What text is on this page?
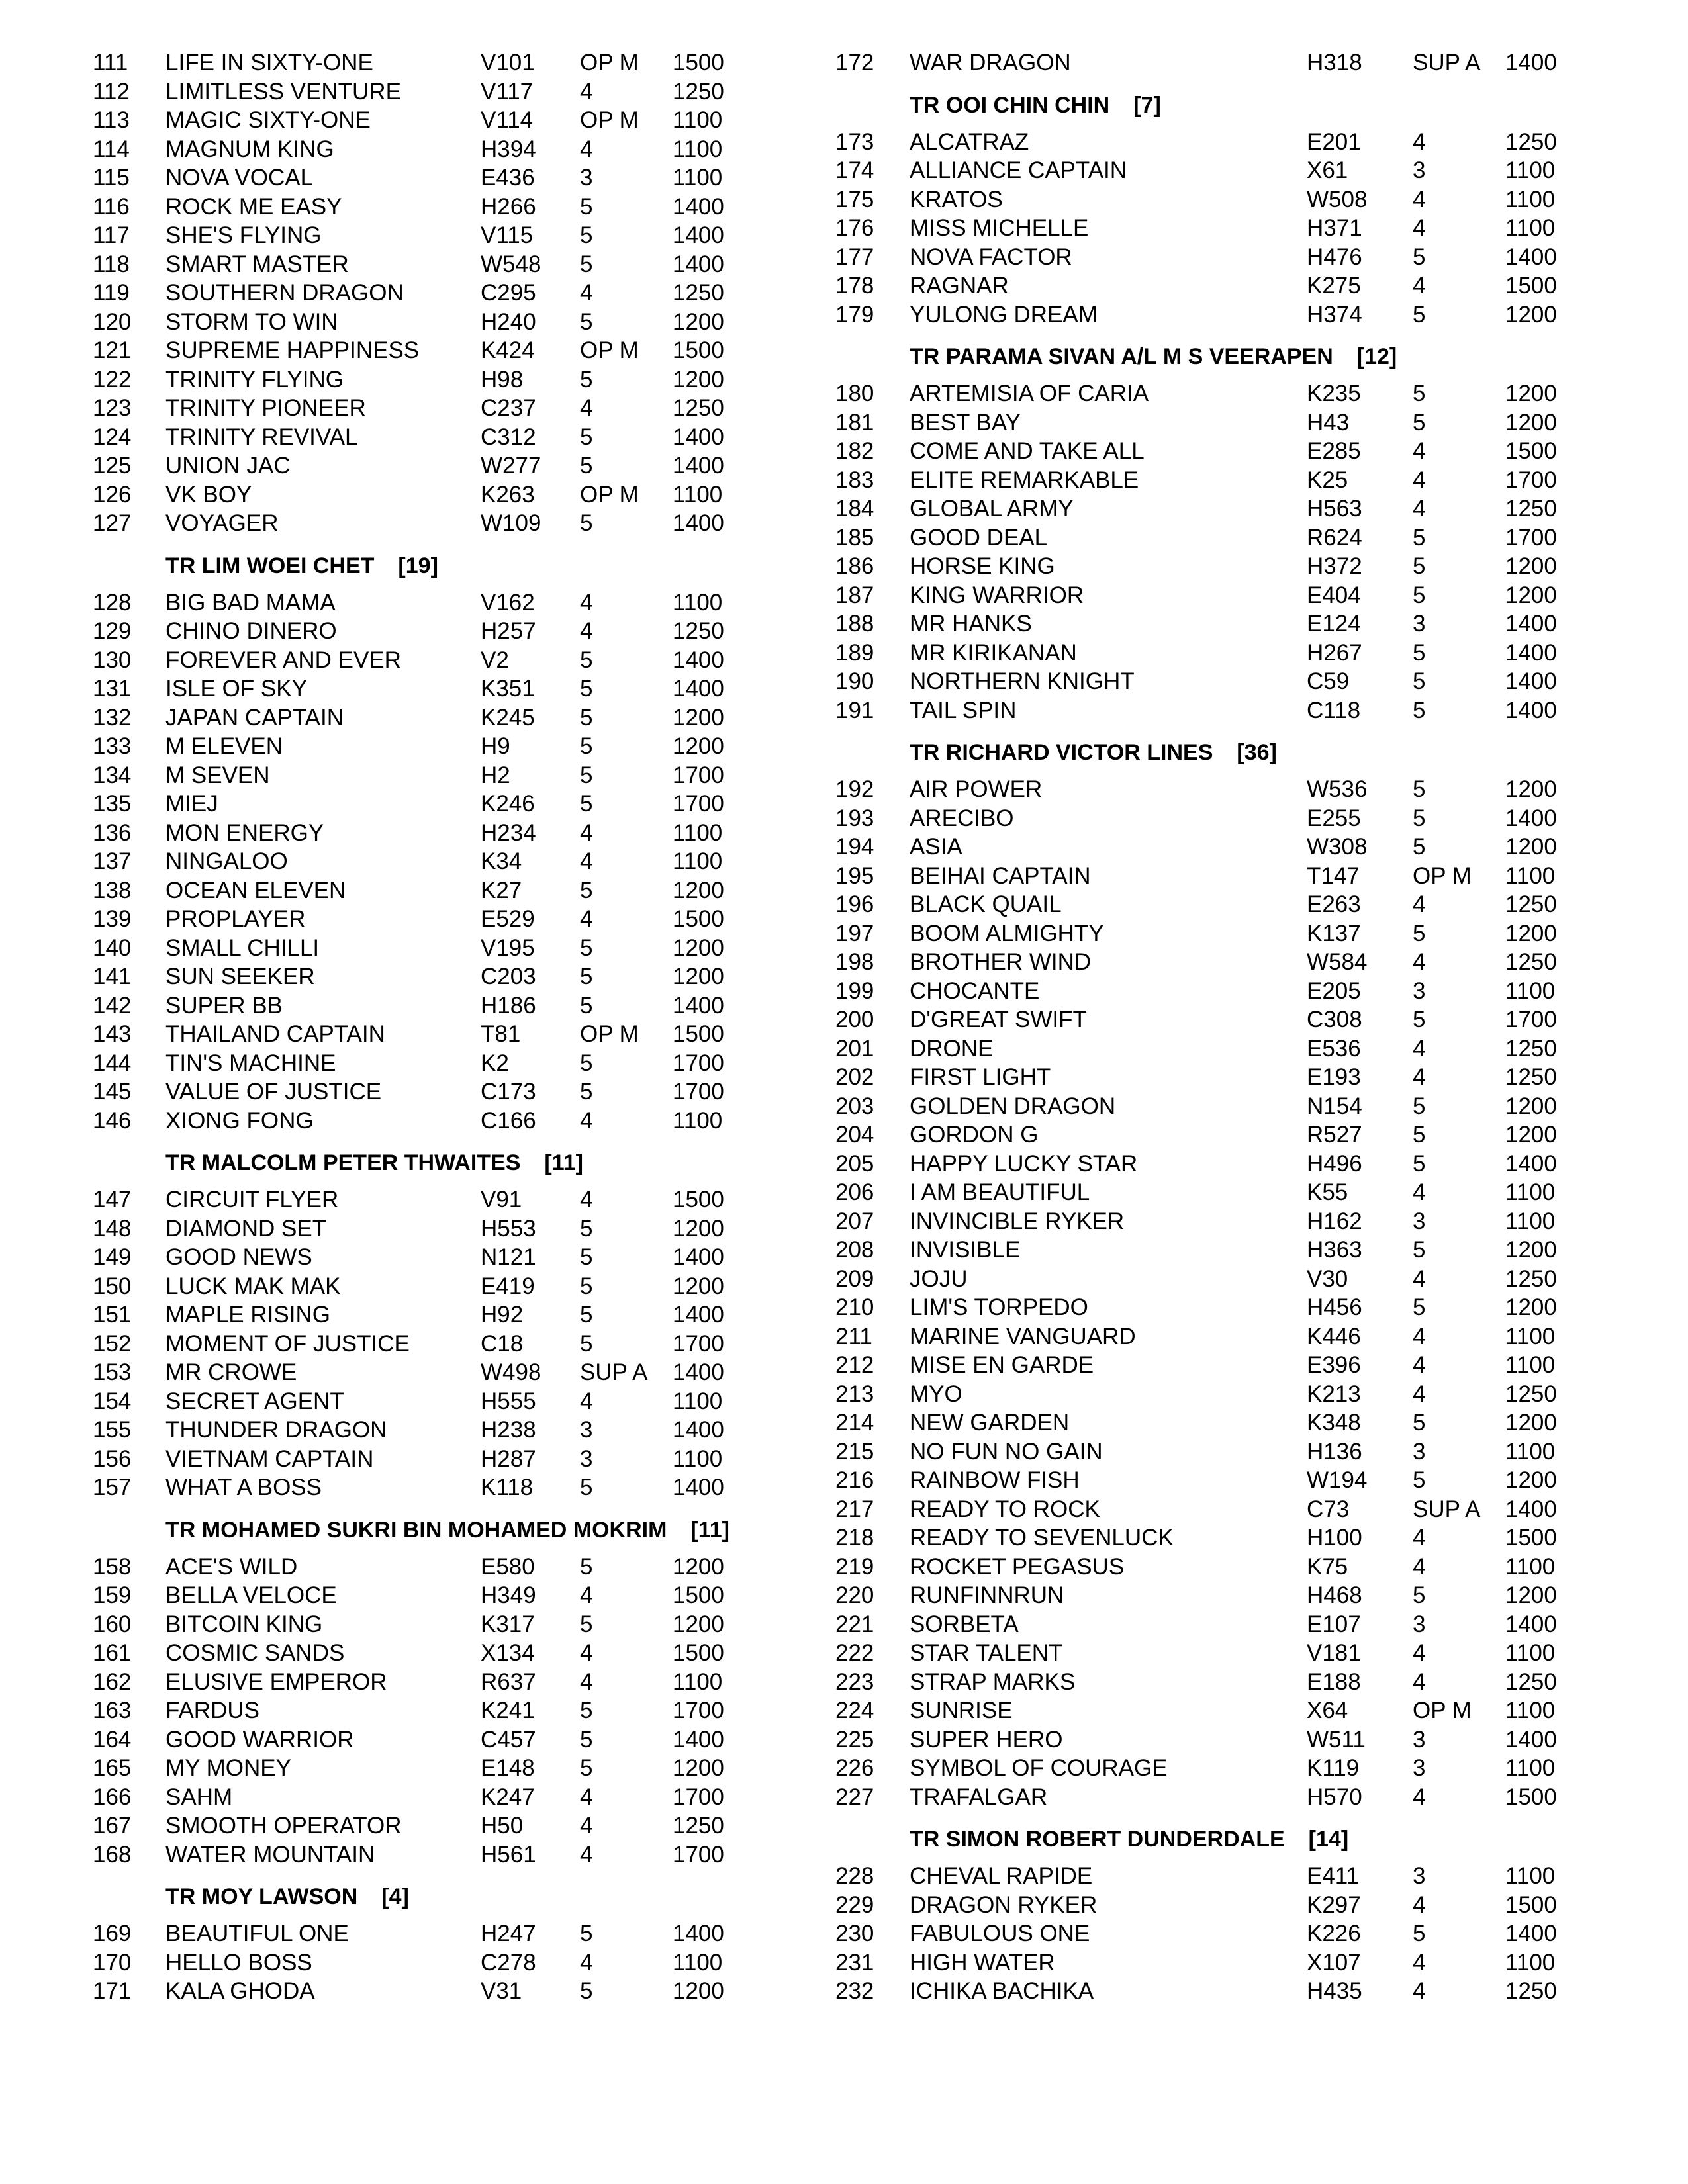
111 LIFE IN SIXTY-ONE	V101 OP M 1500
112 LIMITLESS VENTURE	V117 4	1250
113 MAGIC SIXTY-ONE	V114 OP M 1100
114 MAGNUM KING	H394 4	1100
115 NOVA VOCAL	E436 3	1100
116 ROCK ME EASY	H266 5	1400
117 SHE'S FLYING	V115 5	1400
118 SMART MASTER	W548 5	1400
119 SOUTHERN DRAGON	C295 4	1250
120 STORM TO WIN	H240 5	1200
121 SUPREME HAPPINESS	K424 OP M 1500
122 TRINITY FLYING	H98 5	1200
123 TRINITY PIONEER	C237 4	1250
124 TRINITY REVIVAL	C312 5	1400
125 UNION JAC	W277 5	1400
126 VK BOY	K263 OP M 1100
127 VOYAGER	W109 5	1400
TR LIM WOEI CHET [19]
128 BIG BAD MAMA	V162 4	1100
129 CHINO DINERO	H257 4	1250
130 FOREVER AND EVER	V2	5	1400
131 ISLE OF SKY	K351 5	1400
132 JAPAN CAPTAIN	K245 5	1200
133 M ELEVEN	H9	5	1200
134 M SEVEN	H2	5	1700
135 MIEJ	K246 5	1700
136 MON ENERGY	H234 4	1100
137 NINGALOO	K34	4	1100
138 OCEAN ELEVEN	K27	5	1200
139 PROPLAYER	E529 4	1500
140 SMALL CHILLI	V195 5	1200
141 SUN SEEKER	C203 5	1200
142 SUPER BB	H186 5	1400
143 THAILAND CAPTAIN	T81	OP M 1500
144 TIN'S MACHINE	K2	5	1700
145 VALUE OF JUSTICE	C173 5	1700
146 XIONG FONG	C166 4	1100
TR MALCOLM PETER THWAITES [11]
147 CIRCUIT FLYER	V91	4	1500
148 DIAMOND SET	H553 5	1200
149 GOOD NEWS	N121 5	1400
150 LUCK MAK MAK	E419 5	1200
151 MAPLE RISING	H92 5	1400
152 MOMENT OF JUSTICE	C18 5	1700
153 MR CROWE	W498 SUP A 1400
154 SECRET AGENT	H555 4	1100
155 THUNDER DRAGON	H238 3	1400
156 VIETNAM CAPTAIN	H287 3	1100
157 WHAT A BOSS	K118 5	1400
TR MOHAMED SUKRI BIN MOHAMED MOKRIM [11]
158 ACE'S WILD	E580 5	1200
159 BELLA VELOCE	H349 4	1500
160 BITCOIN KING	K317 5	1200
161 COSMIC SANDS	X134 4	1500
162 ELUSIVE EMPEROR	R637 4	1100
163 FARDUS	K241 5	1700
164 GOOD WARRIOR	C457 5	1400
165 MY MONEY	E148 5	1200
166 SAHM	K247 4	1700
167 SMOOTH OPERATOR	H50 4	1250
168 WATER MOUNTAIN	H561 4	1700
TR MOY LAWSON [4]
169 BEAUTIFUL ONE	H247 5	1400
170 HELLO BOSS	C278 4	1100
171 KALA GHODA	V31	5	1200
172 WAR DRAGON	H318 SUP A 1400
TR OOI CHIN CHIN [7]
173 ALCATRAZ	E201 4	1250
174 ALLIANCE CAPTAIN	X61	3	1100
175 KRATOS	W508 4	1100
176 MISS MICHELLE	H371 4	1100
177 NOVA FACTOR	H476 5	1400
178 RAGNAR	K275 4	1500
179 YULONG DREAM	H374 5	1200
TR PARAMA SIVAN A/L M S VEERAPEN [12]
180 ARTEMISIA OF CARIA	K235 5	1200
181 BEST BAY	H43	5	1200
182 COME AND TAKE ALL	E285 4	1500
183 ELITE REMARKABLE	K25	4	1700
184 GLOBAL ARMY	H563 4	1250
185 GOOD DEAL	R624 5	1700
186 HORSE KING	H372 5	1200
187 KING WARRIOR	E404 5	1200
188 MR HANKS	E124 3	1400
189 MR KIRIKANAN	H267 5	1400
190 NORTHERN KNIGHT	C59	5	1400
191 TAIL SPIN	C118 5	1400
TR RICHARD VICTOR LINES [36]
192 AIR POWER	W536 5	1200
193 ARECIBO	E255 5	1400
194 ASIA	W308 5	1200
195 BEIHAI CAPTAIN	T147 OP M 1100
196 BLACK QUAIL	E263 4	1250
197 BOOM ALMIGHTY	K137 5	1200
198 BROTHER WIND	W584 4	1250
199 CHOCANTE	E205 3	1100
200 D'GREAT SWIFT	C308 5	1700
201 DRONE	E536 4	1250
202 FIRST LIGHT	E193 4	1250
203 GOLDEN DRAGON	N154 5	1200
204 GORDON G	R527 5	1200
205 HAPPY LUCKY STAR	H496 5	1400
206 I AM BEAUTIFUL	K55	4	1100
207 INVINCIBLE RYKER	H162 3	1100
208 INVISIBLE	H363 5	1200
209 JOJU	V30	4	1250
210 LIM'S TORPEDO	H456 5	1200
211 MARINE VANGUARD	K446 4	1100
212 MISE EN GARDE	E396 4	1100
213 MYO	K213 4	1250
214 NEW GARDEN	K348 5	1200
215 NO FUN NO GAIN	H136 3	1100
216 RAINBOW FISH	W194 5	1200
217 READY TO ROCK	C73	SUP A 1400
218 READY TO SEVENLUCK	H100 4	1500
219 ROCKET PEGASUS	K75	4	1100
220 RUNFINNRUN	H468 5	1200
221 SORBETA	E107 3	1400
222 STAR TALENT	V181 4	1100
223 STRAP MARKS	E188 4	1250
224 SUNRISE	X64	OP M 1100
225 SUPER HERO	W511 3	1400
226 SYMBOL OF COURAGE	K119 3	1100
227 TRAFALGAR	H570 4	1500
TR SIMON ROBERT DUNDERDALE [14]
228 CHEVAL RAPIDE	E411 3	1100
229 DRAGON RYKER	K297 4	1500
230 FABULOUS ONE	K226 5	1400
231 HIGH WATER	X107 4	1100
232 ICHIKA BACHIKA	H435 4	1250
